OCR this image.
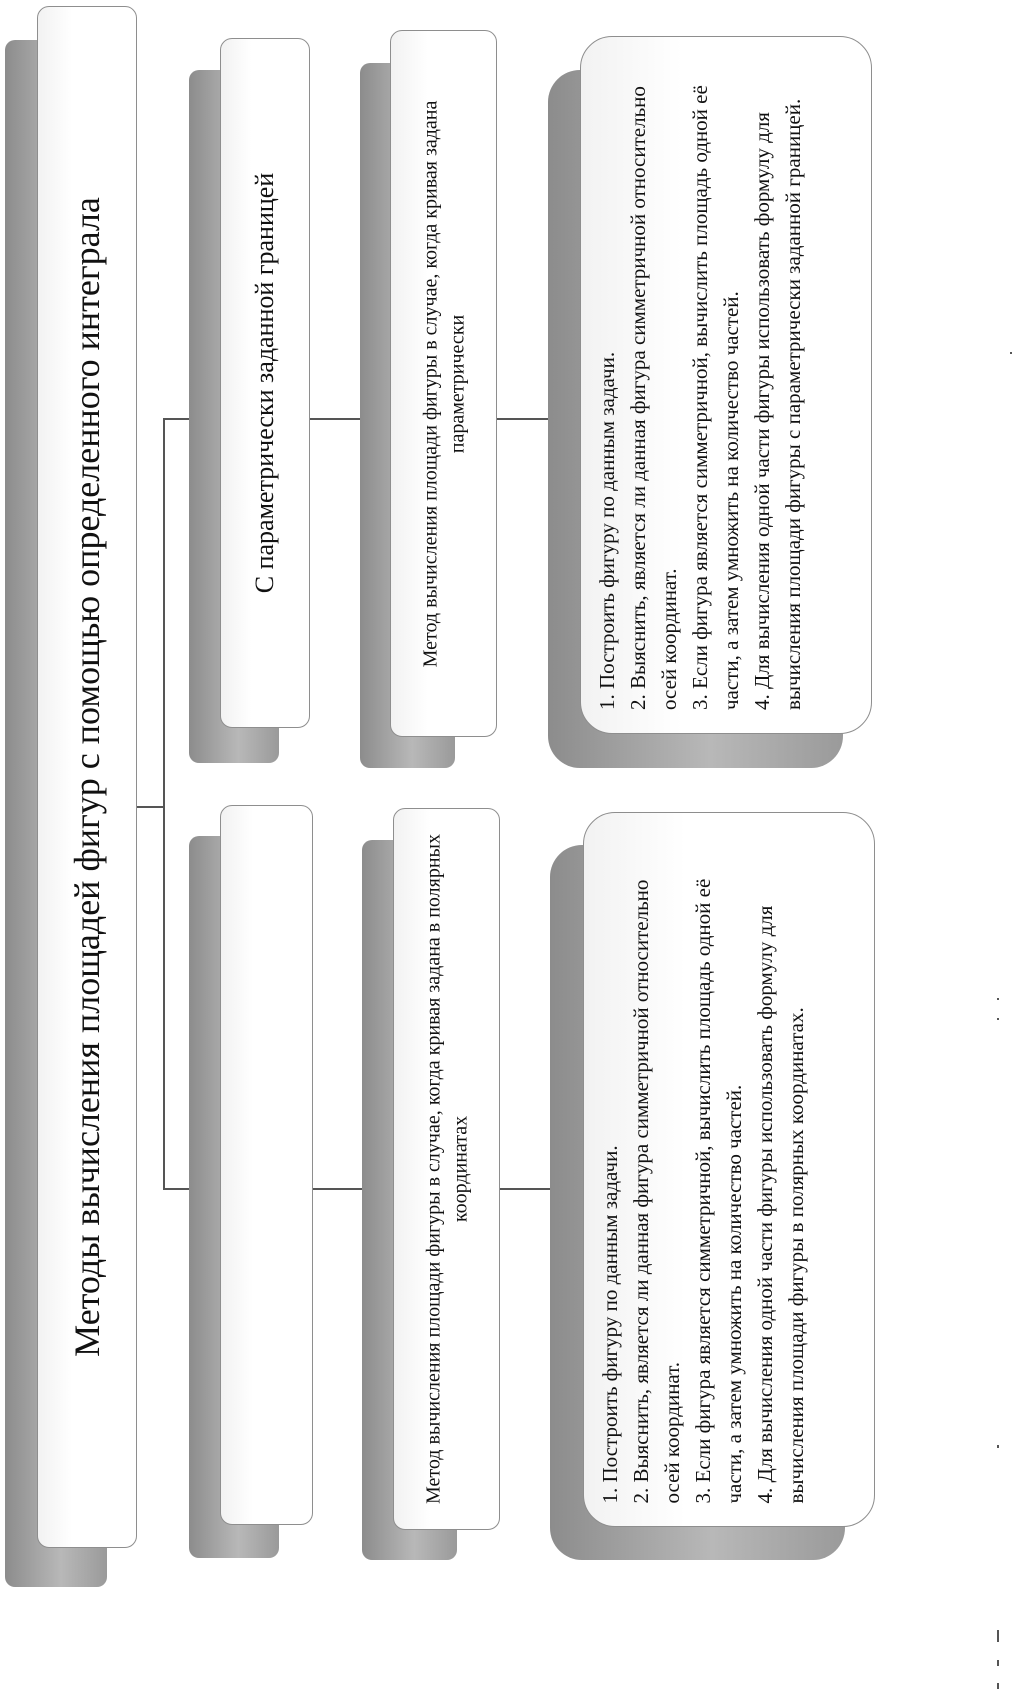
Методы вычисления площадей фигур с помощью определенного интеграла	С параметрически заданной границей	Метод вычисления площади фигуры в случае, когда кривая задана параметрически	1. Построить фигуру по данным задачи. 2. Выяснить, является ли данная фигура симметричной относительно осей координат. 3. Если фигура является симметричной, вычислить площадь одной её части, а затем умножить на количество частей. 4. Для вычисления одной части фигуры использовать формулу для вычисления площади фигуры с параметрически заданной границей.
Метод вычисления площади фигуры в случае, когда кривая задана в полярных координатах	1. Построить фигуру по данным задачи. 2. Выяснить, является ли данная фигура симметричной относительно осей координат. 3. Если фигура является симметричной, вычислить площадь одной её части, а затем умножить на количество частей. 4. Для вычисления одной части фигуры использовать формулу для вычисления площади фигуры в полярных координатах.
